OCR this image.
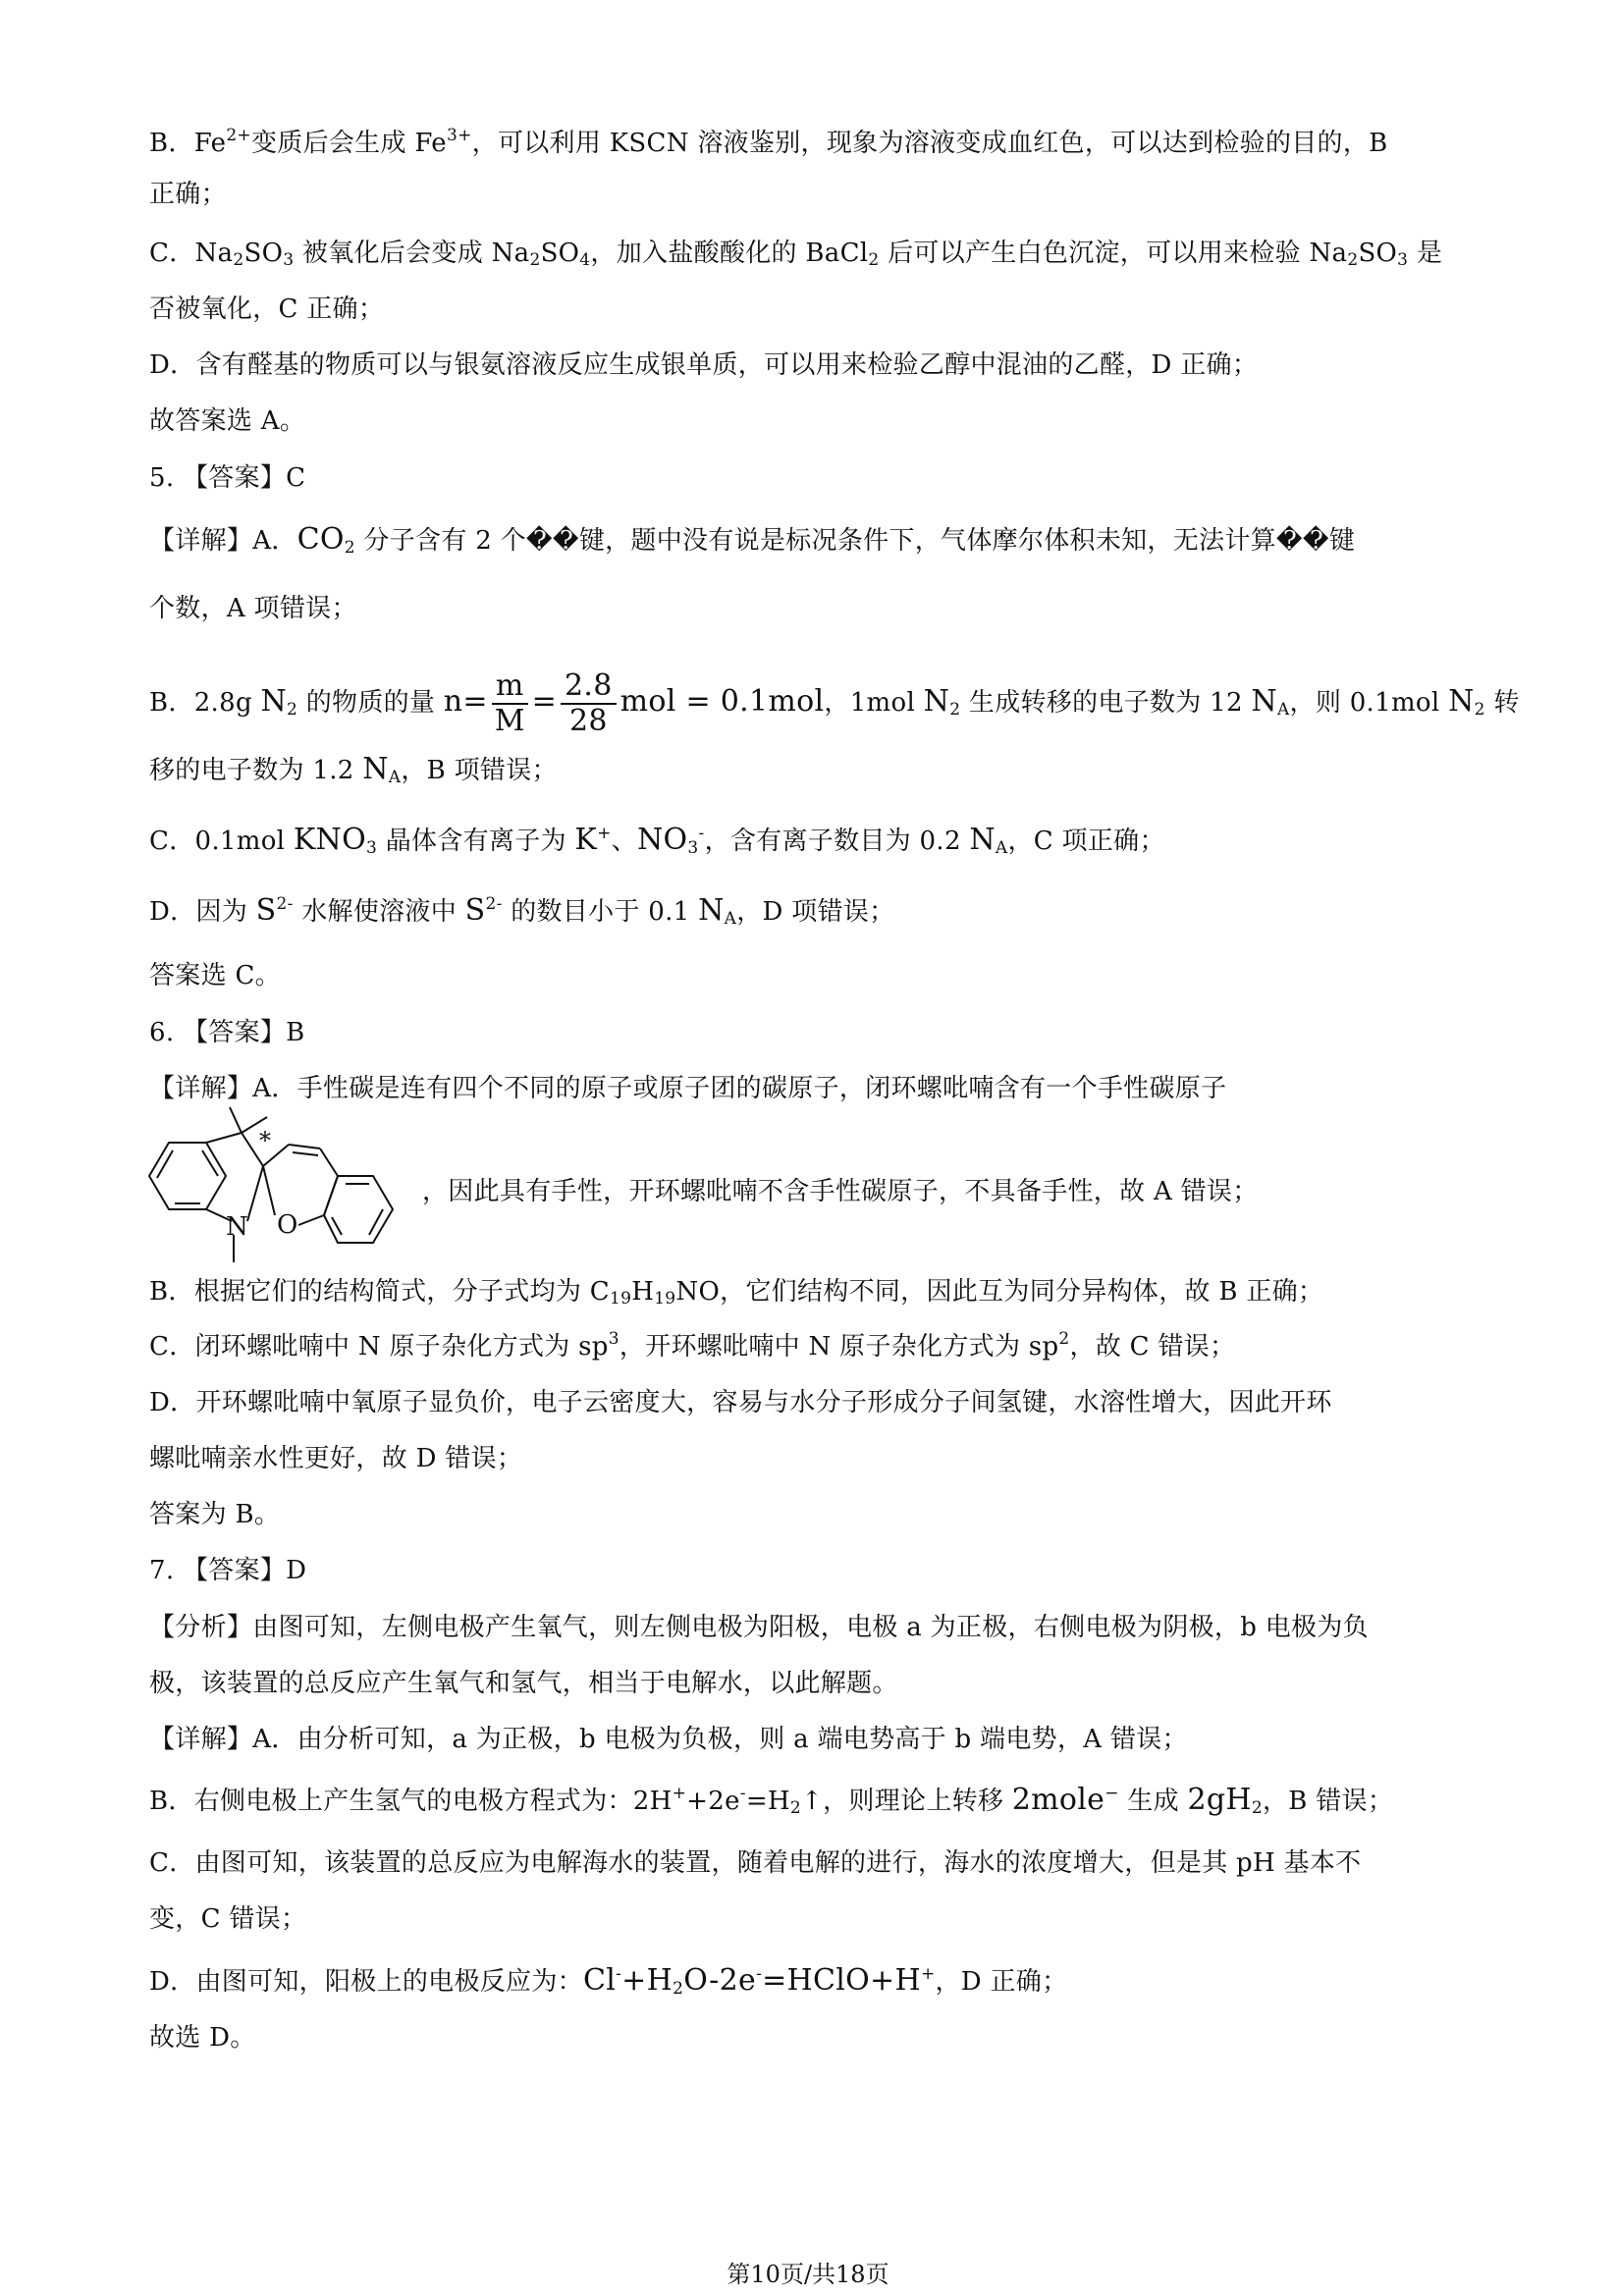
B．$Fe^{2+}$变质后会生成 $Fe^{3+}$，可以利用 KSCN 溶液鉴别，现象为溶液变成血红色，可以达到检验的目的，B
正确；
C．$Na_2SO_3$ 被氧化后会变成 $Na_2SO_4$，加入盐酸酸化的 BaCl$_2$ 后可以产生白色沉淀，可以用来检验 $Na_2SO_3$ 是
否被氧化，C 正确；
D．含有醛基的物质可以与银氨溶液反应生成银单质，可以用来检验乙醇中混油的乙醛，D 正确；
故答案选 A。
5. 【答案】C
【详解】A．$CO_2$ 分子含有 2 个��键，题中没有说是标况条件下，气体摩尔体积未知，无法计算��键
个数，A 项错误；
B．2.8g $N_2$ 的物质的量 $n= \frac{m}{M} = \frac{2.8}{28}$ mol = 0.1mol，1mol $N_2$ 生成转移的电子数为 12 $N_A$，则 0.1mol $N_2$ 转
移的电子数为 1.2 $N_A$，B 项错误；
C．0.1mol $KNO_3$ 晶体含有离子为 K+、$NO_3^-$，含有离子数目为 0.2 $N_A$，C 项正确；
D．因为 $S^{2-}$ 水解使溶液中 $S^{2-}$ 的数目小于 0.1 $N_A$，D 项错误；
答案选 C。
6. 【答案】B
【详解】A．手性碳是连有四个不同的原子或原子团的碳原子，闭环螺吡喃含有一个手性碳原子
，因此具有手性，开环螺吡喃不含手性碳原子，不具备手性，故 A 错误；
B．根据它们的结构简式，分子式均为 $C_{19}H_{19}NO$，它们结构不同，因此互为同分异构体，故 B 正确；
C．闭环螺吡喃中 N 原子杂化方式为 $sp^3$，开环螺吡喃中 N 原子杂化方式为 $sp^2$，故 C 错误；
D．开环螺吡喃中氧原子显负价，电子云密度大，容易与水分子形成分子间氢键，水溶性增大，因此开环
螺吡喃亲水性更好，故 D 错误；
答案为 B。
7. 【答案】D
【分析】由图可知，左侧电极产生氧气，则左侧电极为阳极，电极 a 为正极，右侧电极为阴极，b 电极为负
极，该装置的总反应产生氧气和氢气，相当于电解水，以此解题。
【详解】A．由分析可知，a 为正极，b 电极为负极，则 a 端电势高于 b 端电势，A 错误；
B．右侧电极上产生氢气的电极方程式为：$2H^++2e^-=H_2↑$，则理论上转移 2mole− 生成 $2gH_2$，B 错误；
C．由图可知，该装置的总反应为电解海水的装置，随着电解的进行，海水的浓度增大，但是其 pH 基本不
变，C 错误；
D．由图可知，阳极上的电极反应为：$Cl^-+H_2O-2e^-=HClO+H^+$，D 正确；
故选 D。
N O
*
第10页/共18页
